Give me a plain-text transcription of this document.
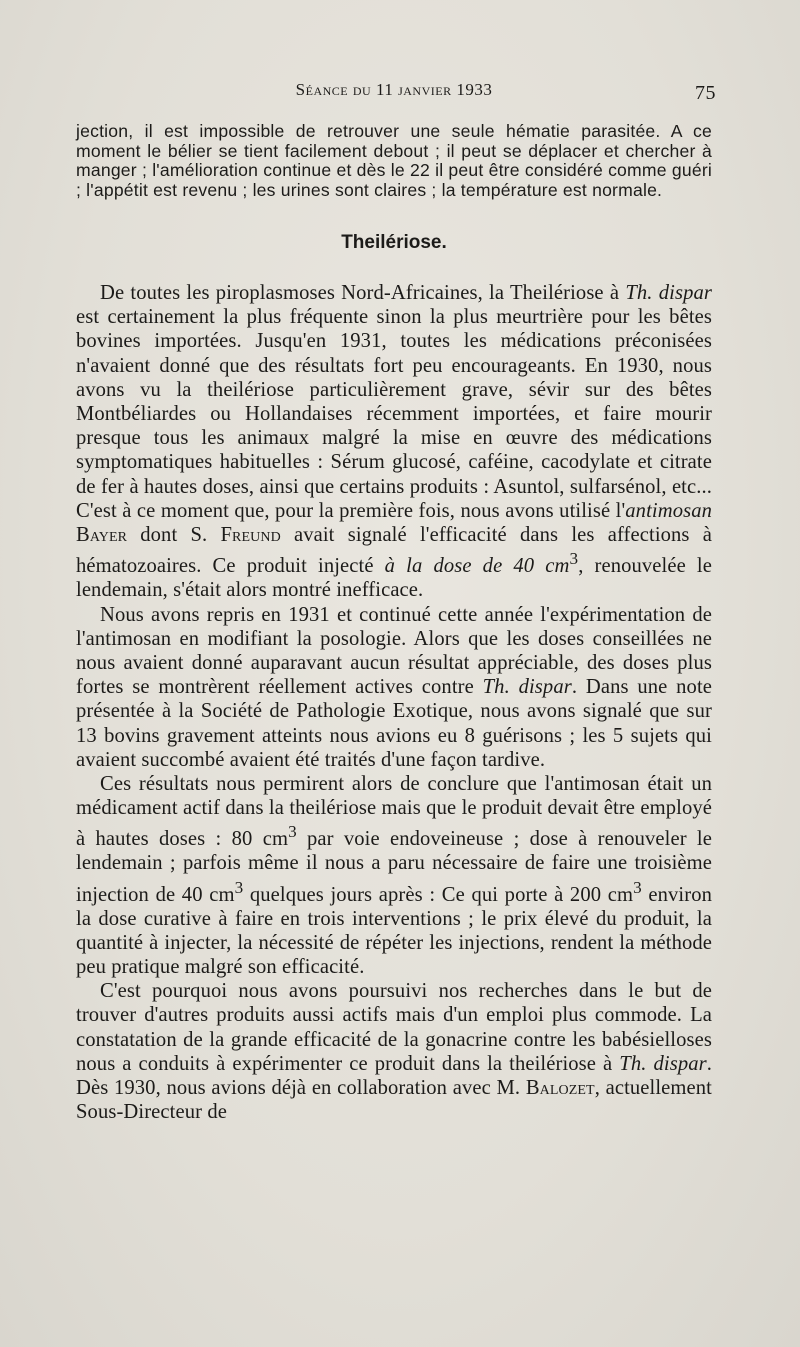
Séance du 11 janvier 1933	75

jection, il est impossible de retrouver une seule hématie parasitée. A ce moment le bélier se tient facilement debout ; il peut se déplacer et chercher à manger ; l'amélioration continue et dès le 22 il peut être considéré comme guéri ; l'appétit est revenu ; les urines sont claires ; la température est normale.

Theilériose.

De toutes les piroplasmoses Nord-Africaines, la Theilériose à Th. dispar est certainement la plus fréquente sinon la plus meurtrière pour les bêtes bovines importées. Jusqu'en 1931, toutes les médications préconisées n'avaient donné que des résultats fort peu encourageants. En 1930, nous avons vu la theilériose particulièrement grave, sévir sur des bêtes Montbéliardes ou Hollandaises récemment importées, et faire mourir presque tous les animaux malgré la mise en œuvre des médications symptomatiques habituelles : Sérum glucosé, caféine, cacodylate et citrate de fer à hautes doses, ainsi que certains produits : Asuntol, sulfarsénol, etc... C'est à ce moment que, pour la première fois, nous avons utilisé l'antimosan Bayer dont S. Freund avait signalé l'efficacité dans les affections à hématozoaires. Ce produit injecté à la dose de 40 $cm^3$, renouvelée le lendemain, s'était alors montré inefficace.

Nous avons repris en 1931 et continué cette année l'expérimentation de l'antimosan en modifiant la posologie. Alors que les doses conseillées ne nous avaient donné auparavant aucun résultat appréciable, des doses plus fortes se montrèrent réellement actives contre Th. dispar. Dans une note présentée à la Société de Pathologie Exotique, nous avons signalé que sur 13 bovins gravement atteints nous avions eu 8 guérisons ; les 5 sujets qui avaient succombé avaient été traités d'une façon tardive.

Ces résultats nous permirent alors de conclure que l'antimosan était un médicament actif dans la theilériose mais que le produit devait être employé à hautes doses : 80 $cm^3$ par voie endoveineuse ; dose à renouveler le lendemain ; parfois même il nous a paru nécessaire de faire une troisième injection de 40 $cm^3$ quelques jours après : Ce qui porte à 200 $cm^3$ environ la dose curative à faire en trois interventions ; le prix élevé du produit, la quantité à injecter, la nécessité de répéter les injections, rendent la méthode peu pratique malgré son efficacité.

C'est pourquoi nous avons poursuivi nos recherches dans le but de trouver d'autres produits aussi actifs mais d'un emploi plus commode. La constatation de la grande efficacité de la gonacrine contre les babésielloses nous a conduits à expérimenter ce produit dans la theilériose à Th. dispar. Dès 1930, nous avions déjà en collaboration avec M. Balozet, actuellement Sous-Directeur de
